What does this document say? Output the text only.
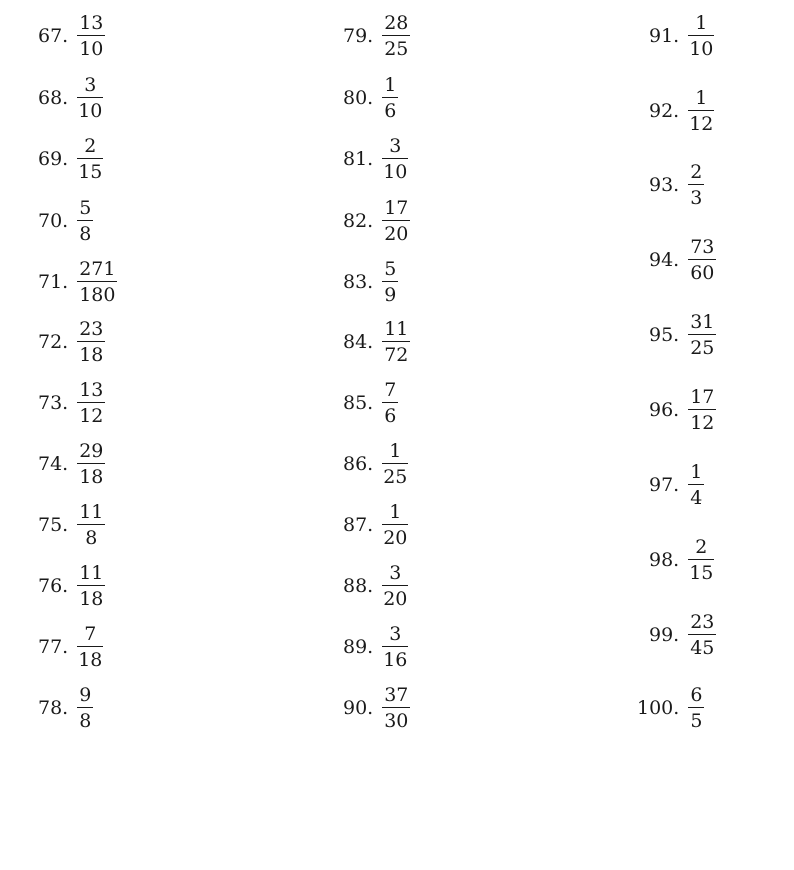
67. $\frac{13}{10}$
68. $\frac{3}{10}$
69. $\frac{2}{15}$
70. $\frac{5}{8}$
71. $\frac{271}{180}$
72. $\frac{23}{18}$
73. $\frac{13}{12}$
74. $\frac{29}{18}$
75. $\frac{11}{8}$
76. $\frac{11}{18}$
77. $\frac{7}{18}$
78. $\frac{9}{8}$
79. $\frac{28}{25}$
80. $\frac{1}{6}$
81. $\frac{3}{10}$
82. $\frac{17}{20}$
83. $\frac{5}{9}$
84. $\frac{11}{72}$
85. $\frac{7}{6}$
86. $\frac{1}{25}$
87. $\frac{1}{20}$
88. $\frac{3}{20}$
89. $\frac{3}{16}$
90. $\frac{37}{30}$
91. $\frac{1}{10}$
92. $\frac{1}{12}$
93. $\frac{2}{3}$
94. $\frac{73}{60}$
95. $\frac{31}{25}$
96. $\frac{17}{12}$
97. $\frac{1}{4}$
98. $\frac{2}{15}$
99. $\frac{23}{45}$
100. $\frac{6}{5}$
